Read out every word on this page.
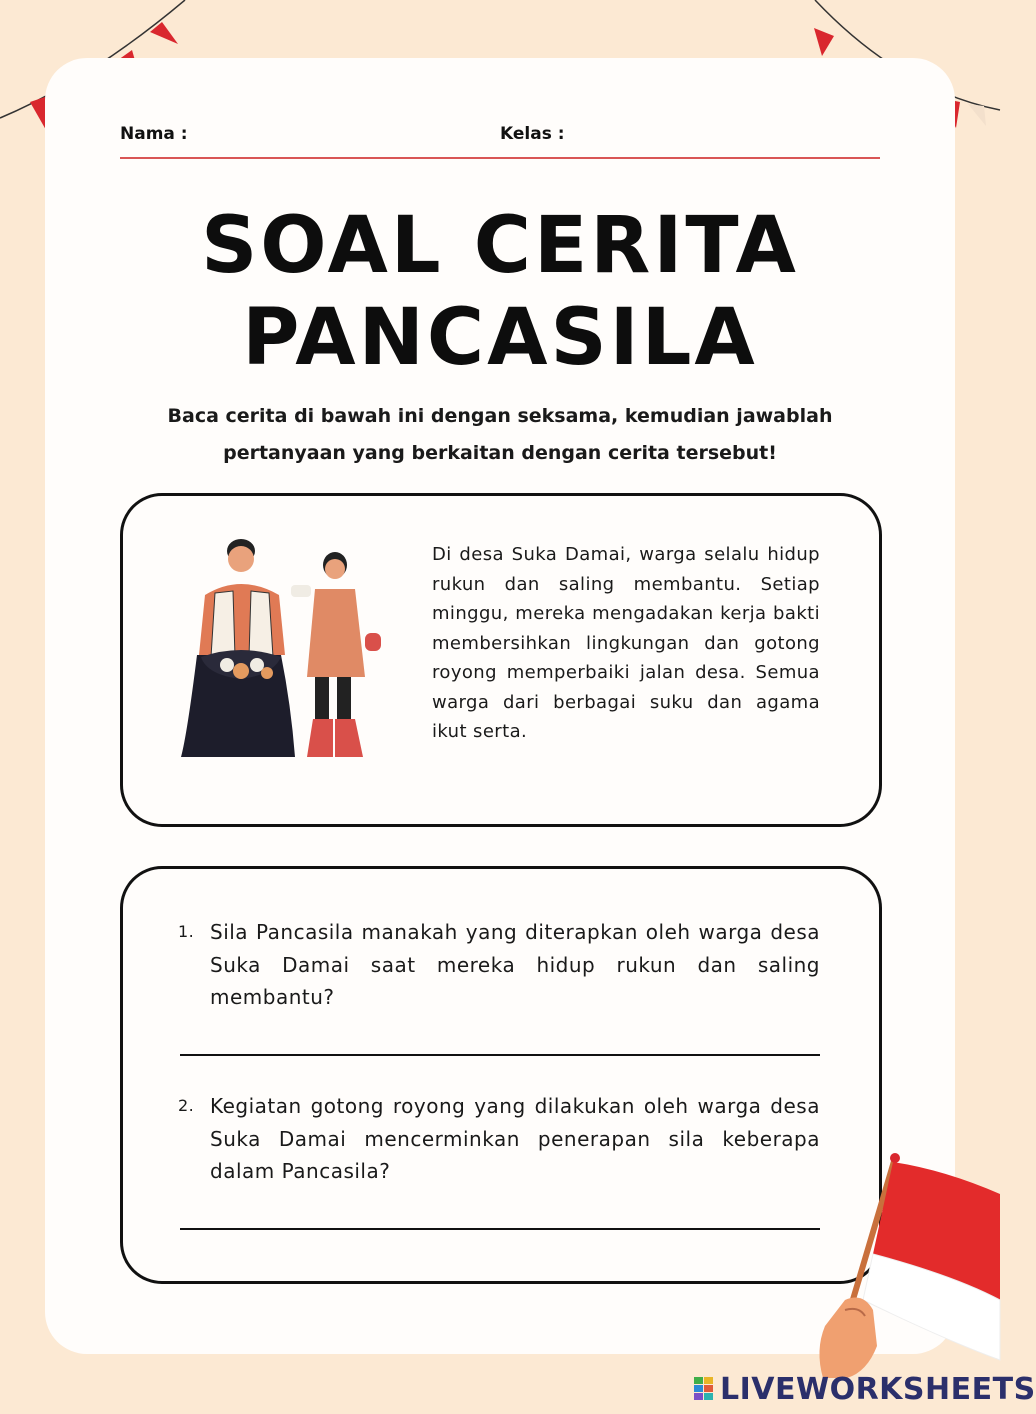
Nama :	Kelas :
SOAL CERITA
PANCASILA
Baca cerita di bawah ini dengan seksama, kemudian jawablah
pertanyaan yang berkaitan dengan cerita tersebut!
Di desa Suka Damai, warga selalu hidup rukun dan saling membantu. Setiap minggu, mereka mengadakan kerja bakti membersihkan lingkungan dan gotong royong memperbaiki jalan desa. Semua warga dari berbagai suku dan agama ikut serta.
1. Sila Pancasila manakah yang diterapkan oleh warga desa Suka Damai saat mereka hidup rukun dan saling membantu?
2. Kegiatan gotong royong yang dilakukan oleh warga desa Suka Damai mencerminkan penerapan sila keberapa dalam Pancasila?
LIVEWORKSHEETS
